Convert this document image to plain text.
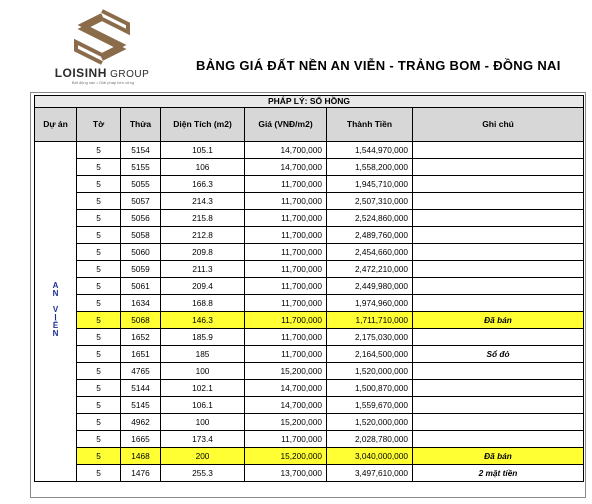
LOISINH GROUP
Bất động sản • Giải pháp bền vững
BẢNG GIÁ ĐẤT NỀN AN VIỄN - TRẢNG BOM - ĐỒNG NAI
PHÁP LÝ: SỔ HỒNG						
Dự án	Tờ	Thửa	Diện Tích (m2)	Giá (VNĐ/m2)	Thành Tiền	Ghi chú
AN VIỄN	5	5154	105.1	14,700,000	1,544,970,000	
	5	5155	106	14,700,000	1,558,200,000	
	5	5055	166.3	11,700,000	1,945,710,000	
	5	5057	214.3	11,700,000	2,507,310,000	
	5	5056	215.8	11,700,000	2,524,860,000	
	5	5058	212.8	11,700,000	2,489,760,000	
	5	5060	209.8	11,700,000	2,454,660,000	
	5	5059	211.3	11,700,000	2,472,210,000	
	5	5061	209.4	11,700,000	2,449,980,000	
	5	1634	168.8	11,700,000	1,974,960,000	
	5	5068	146.3	11,700,000	1,711,710,000	Đã bán
	5	1652	185.9	11,700,000	2,175,030,000	
	5	1651	185	11,700,000	2,164,500,000	Sổ đỏ
	5	4765	100	15,200,000	1,520,000,000	
	5	5144	102.1	14,700,000	1,500,870,000	
	5	5145	106.1	14,700,000	1,559,670,000	
	5	4962	100	15,200,000	1,520,000,000	
	5	1665	173.4	11,700,000	2,028,780,000	
	5	1468	200	15,200,000	3,040,000,000	Đã bán
	5	1476	255.3	13,700,000	3,497,610,000	2 mặt tiền
